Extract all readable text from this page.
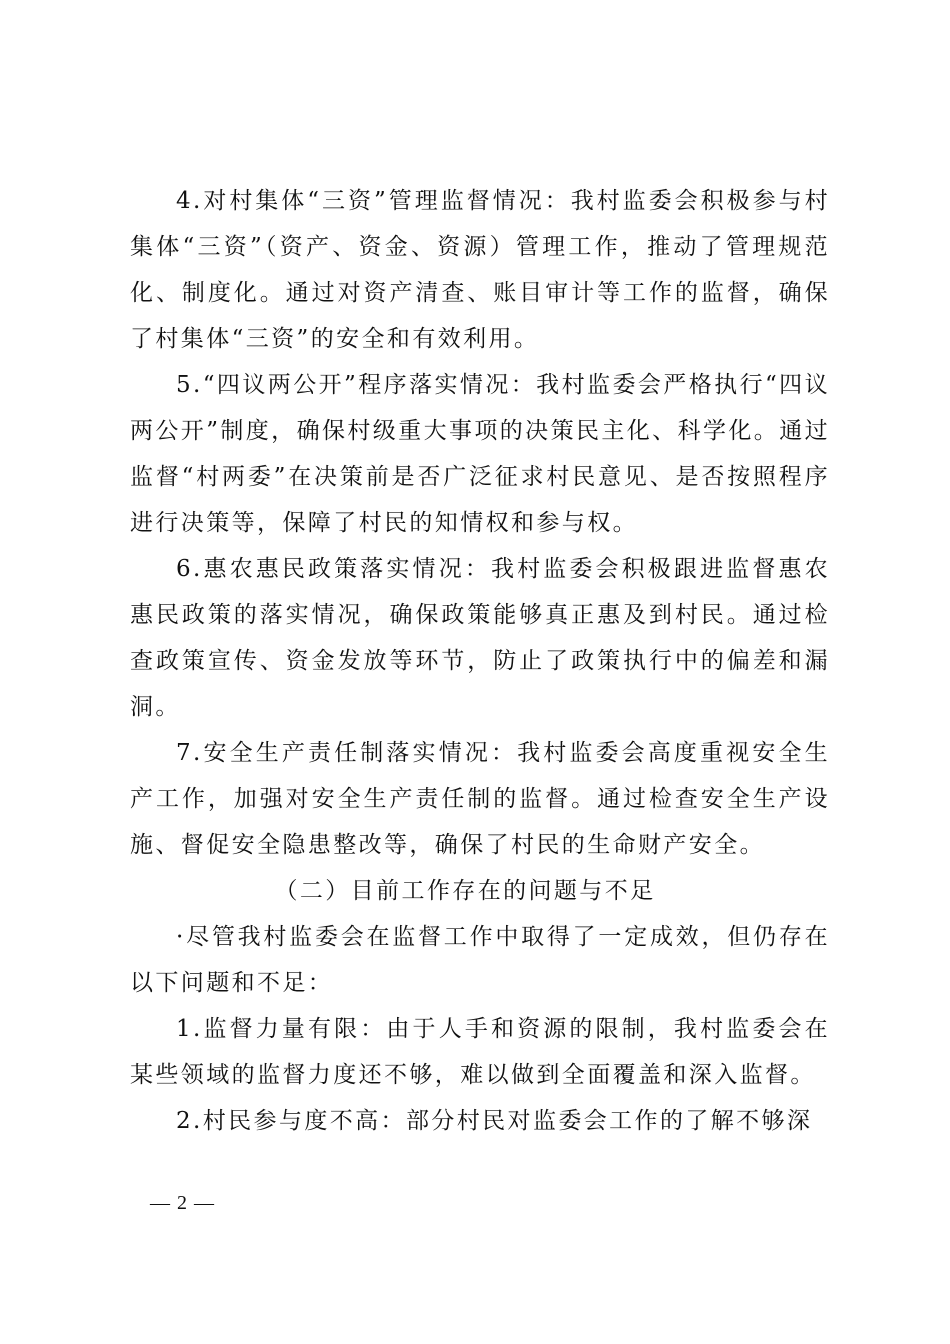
4.对村集体“三资”管理监督情况：我村监委会积极参与村集体“三资”（资产、资金、资源）管理工作，推动了管理规范化、制度化。通过对资产清查、账目审计等工作的监督，确保了村集体“三资”的安全和有效利用。

5.“四议两公开”程序落实情况：我村监委会严格执行“四议两公开”制度，确保村级重大事项的决策民主化、科学化。通过监督“村两委”在决策前是否广泛征求村民意见、是否按照程序进行决策等，保障了村民的知情权和参与权。

6.惠农惠民政策落实情况：我村监委会积极跟进监督惠农惠民政策的落实情况，确保政策能够真正惠及到村民。通过检查政策宣传、资金发放等环节，防止了政策执行中的偏差和漏洞。

7.安全生产责任制落实情况：我村监委会高度重视安全生产工作，加强对安全生产责任制的监督。通过检查安全生产设施、督促安全隐患整改等，确保了村民的生命财产安全。

（二）目前工作存在的问题与不足

·尽管我村监委会在监督工作中取得了一定成效，但仍存在以下问题和不足：

1.监督力量有限：由于人手和资源的限制，我村监委会在某些领域的监督力度还不够，难以做到全面覆盖和深入监督。

2.村民参与度不高：部分村民对监委会工作的了解不够深

— 2 —
